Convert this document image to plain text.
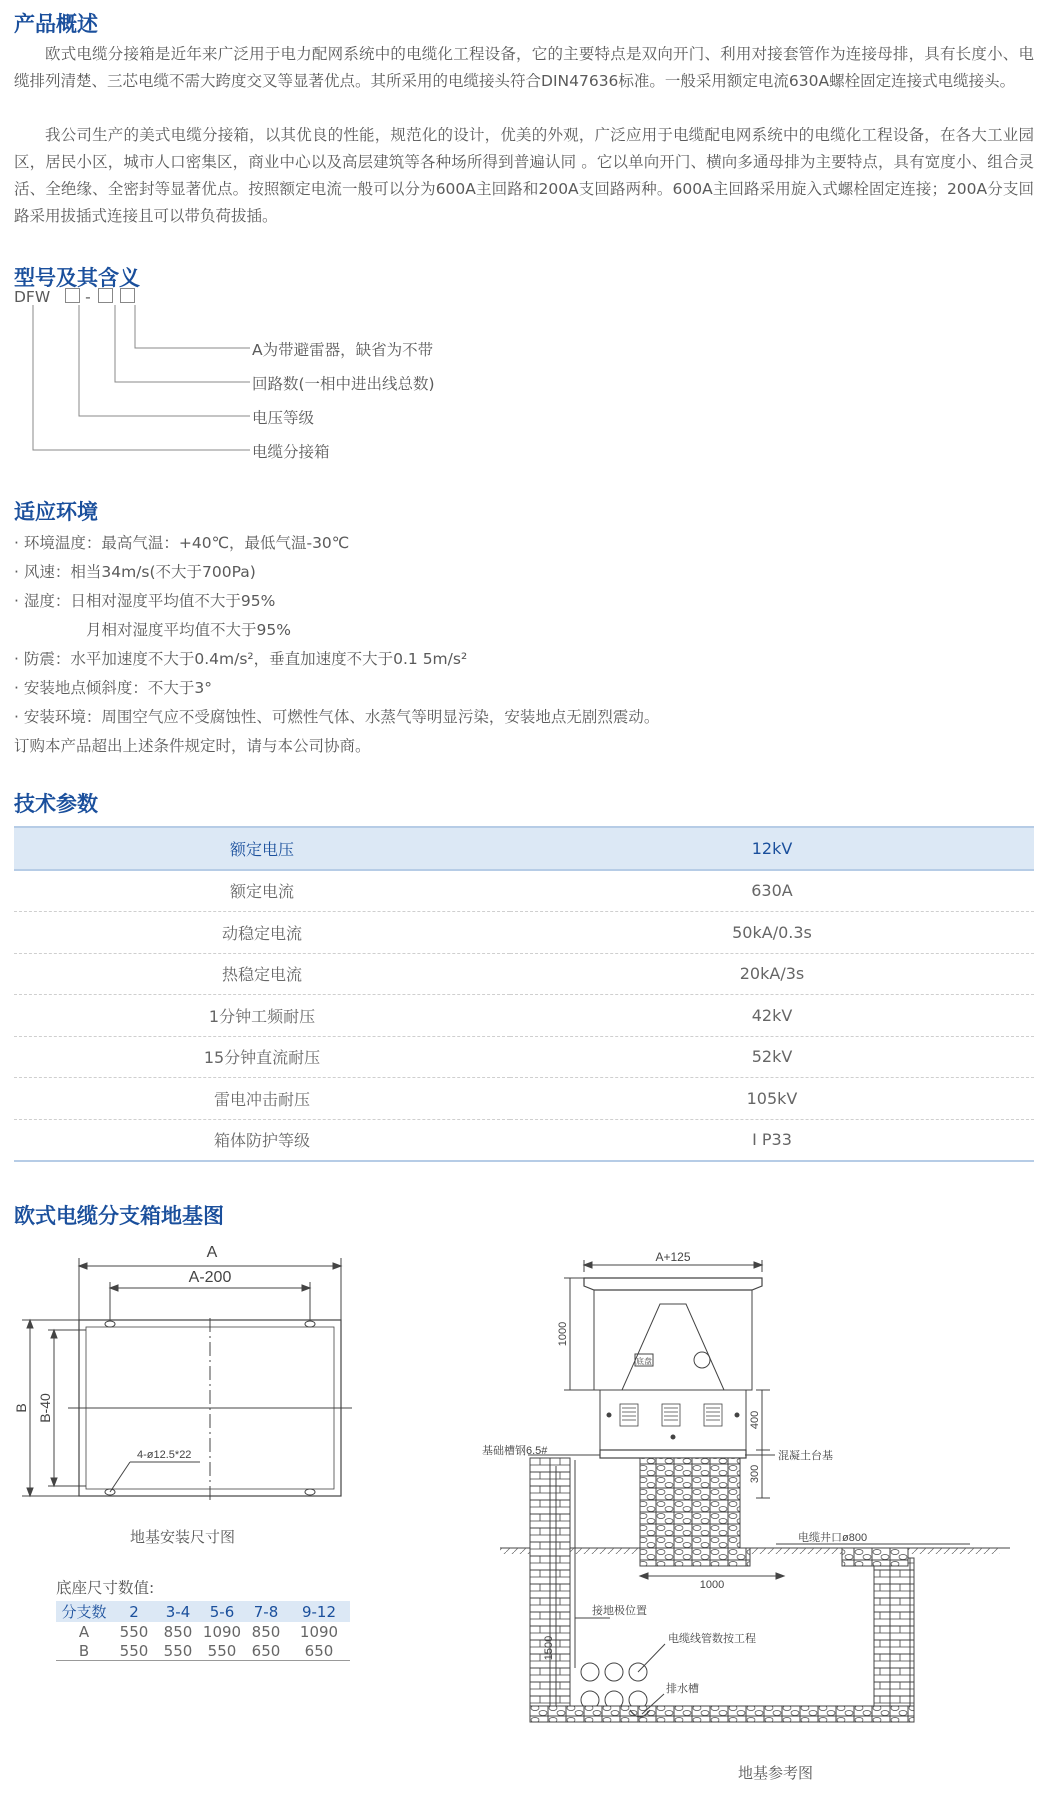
产品概述

欧式电缆分接箱是近年来广泛用于电力配网系统中的电缆化工程设备，它的主要特点是双向开门、利用对接套管作为连接母排，具有长度小、电缆排列清楚、三芯电缆不需大跨度交叉等显著优点。其所采用的电缆接头符合DIN47636标准。一般采用额定电流630A螺栓固定连接式电缆接头。

我公司生产的美式电缆分接箱，以其优良的性能，规范化的设计，优美的外观，广泛应用于电缆配电网系统中的电缆化工程设备，在各大工业园区，居民小区，城市人口密集区，商业中心以及高层建筑等各种场所得到普遍认同 。它以单向开门、横向多通母排为主要特点，具有宽度小、组合灵活、全绝缘、全密封等显著优点。按照额定电流一般可以分为600A主回路和200A支回路两种。600A主回路采用旋入式螺栓固定连接；200A分支回路采用拔插式连接且可以带负荷拔插。

型号及其含义
DFW -
A为带避雷器，缺省为不带
回路数(一相中进出线总数)
电压等级
电缆分接箱
适应环境
· 环境温度：最高气温：+40℃，最低气温-30℃
· 风速：相当34m/s(不大于700Pa)
· 湿度：日相对湿度平均值不大于95%
月相对湿度平均值不大于95%
· 防震：水平加速度不大于0.4m/s²，垂直加速度不大于0.1 5m/s²
· 安装地点倾斜度：不大于3°
· 安装环境：周围空气应不受腐蚀性、可燃性气体、水蒸气等明显污染，安装地点无剧烈震动。
订购本产品超出上述条件规定时，请与本公司协商。
技术参数
额定电压	12kV
额定电流	630A
动稳定电流	50kA/0.3s
热稳定电流	20kA/3s
1分钟工频耐压	42kV
15分钟直流耐压	52kV
雷电冲击耐压	105kV
箱体防护等级	I P33
欧式电缆分支箱地基图
A
A-200
B B-40
4-ø12.5*22
地基安装尺寸图
底座尺寸数值:
分支数	2	3-4	5-6	7-8	9-12
A	550	850	1090	850	1090
B	550	550	550	650	650
A+125
底盘
1000
400
300
基础槽钢6.5#	混凝土台基
电缆井口ø800
1000
接地极位置
1500	电缆线管数按工程
排水槽
地基参考图
